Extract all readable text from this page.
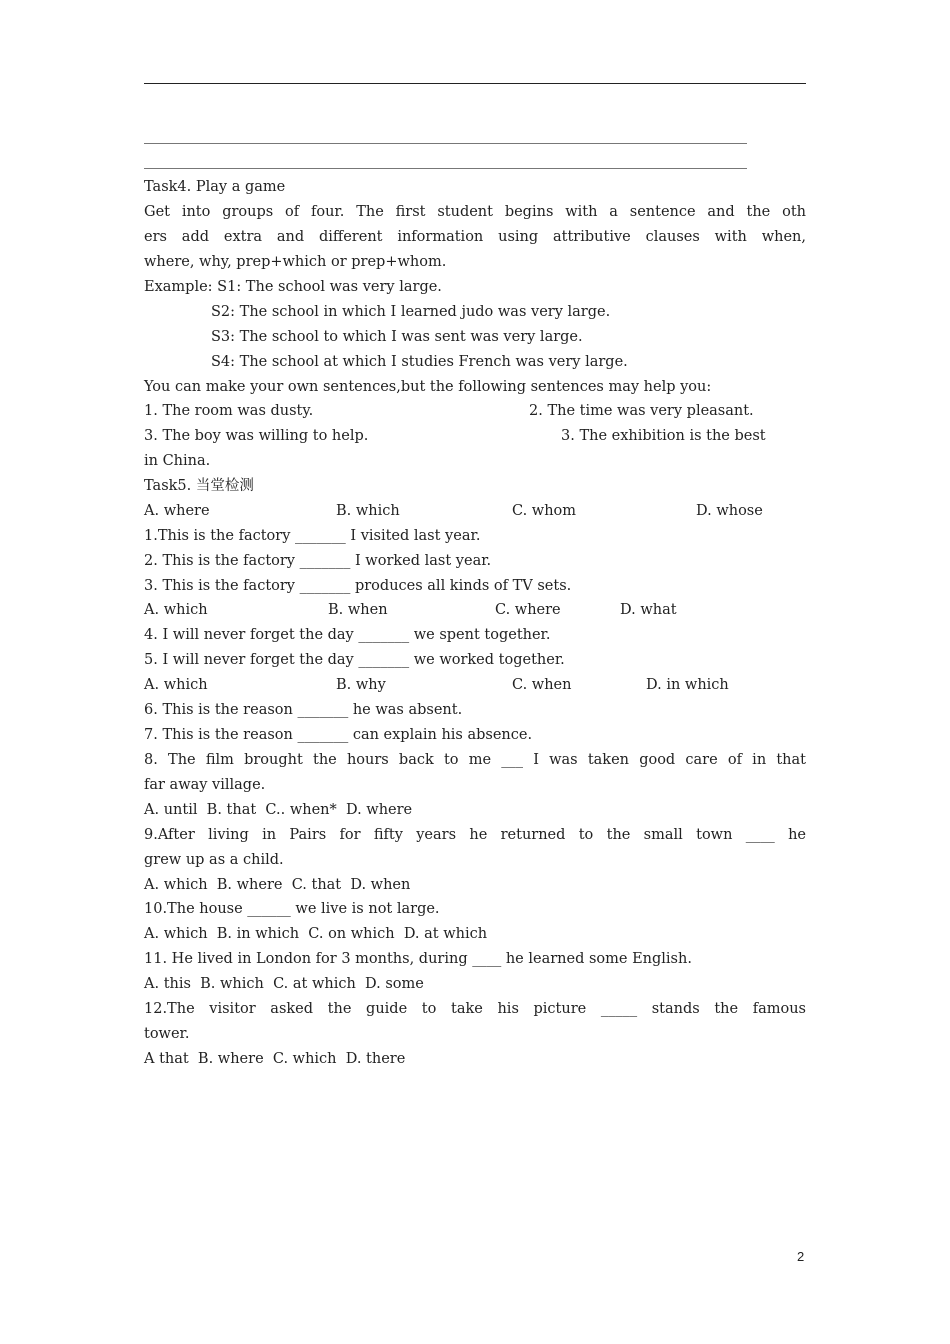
Task4. Play a game
Get into groups of four. The first student begins with a sentence and the oth
ers add extra and different information using attributive clauses with when,
where, why, prep+which or prep+whom.
Example: S1: The school was very large.
S2: The school in which I learned judo was very large.
S3: The school to which I was sent was very large.
S4: The school at which I studies French was very large.
You can make your own sentences,but the following sentences may help you:
1. The room was dusty.	2. The time was very pleasant.
3. The boy was willing to help.	3. The exhibition is the best
in China.
Task5. 当堂检测
A. where	B. which	C. whom	D. whose
1.This is the factory _______ I visited last year.
2. This is the factory _______ I worked last year.
3. This is the factory _______ produces all kinds of TV sets.
A. which	B. when	C. where	D. what
4. I will never forget the day _______ we spent together.
5. I will never forget the day _______ we worked together.
A. which	B. why	C. when	D. in which
6. This is the reason _______ he was absent.
7. This is the reason _______ can explain his absence.
8. The film brought the hours back to me ___ I was taken good care of in that
far away village.
A. until  B. that  C.. when*  D. where
9.After living in Pairs for fifty years he returned to the small town ____ he
grew up as a child.
A. which  B. where  C. that  D. when
10.The house ______ we live is not large.
A. which  B. in which  C. on which  D. at which
11. He lived in London for 3 months, during ____ he learned some English.
A. this  B. which  C. at which  D. some
12.The visitor asked the guide to take his picture _____ stands the famous
tower.
A that  B. where  C. which  D. there
2
